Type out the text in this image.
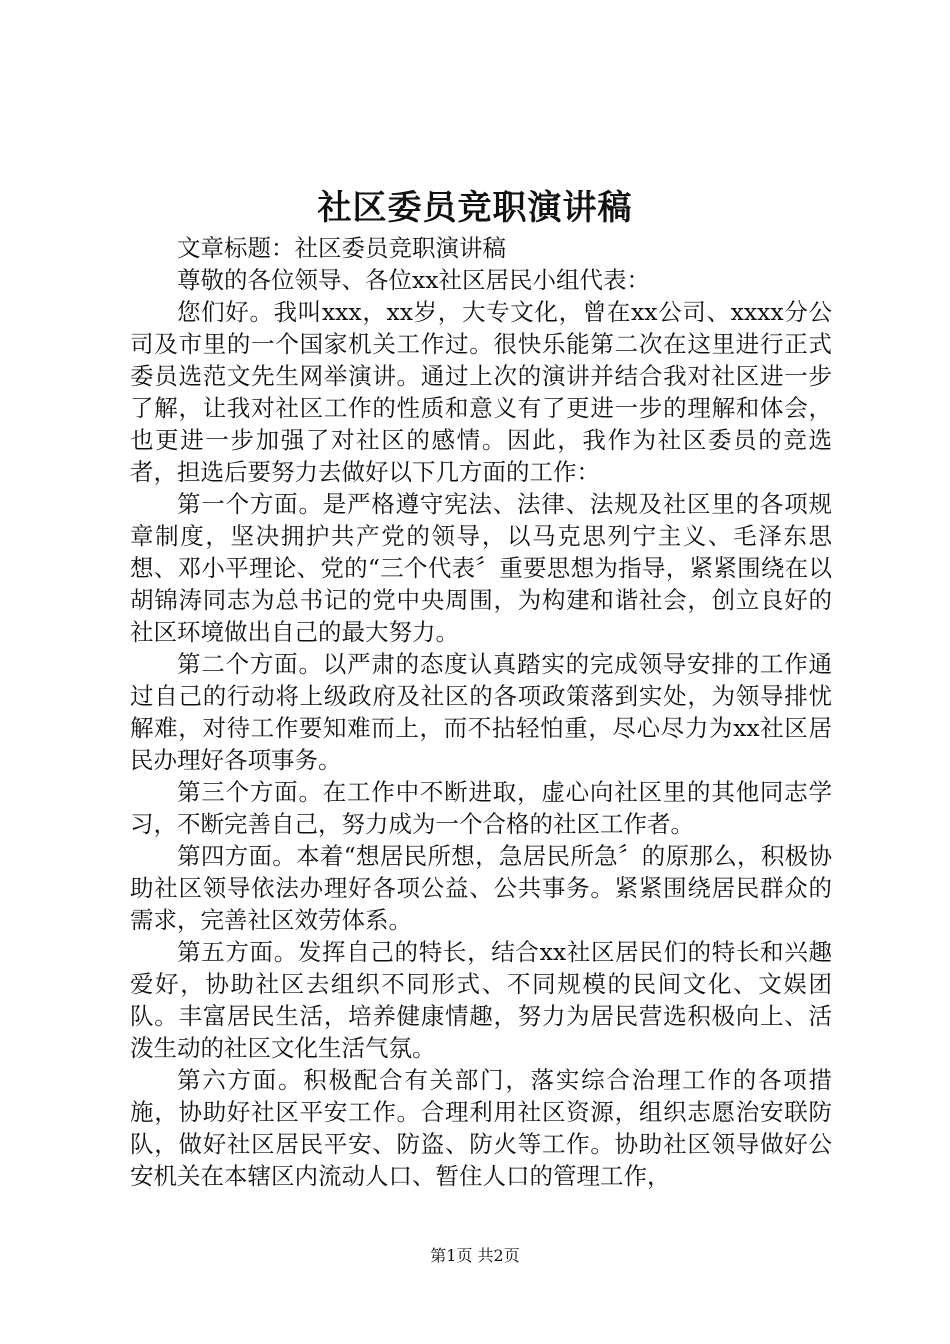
社区委员竞职演讲稿

文章标题：社区委员竞职演讲稿

尊敬的各位领导、各位xx社区居民小组代表：

您们好。我叫xxx，xx岁，大专文化，曾在xx公司、xxxx分公司及市里的一个国家机关工作过。很快乐能第二次在这里进行正式委员选范文先生网举演讲。通过上次的演讲并结合我对社区进一步了解，让我对社区工作的性质和意义有了更进一步的理解和体会，也更进一步加强了对社区的感情。因此，我作为社区委员的竞选者，担选后要努力去做好以下几方面的工作：

第一个方面。是严格遵守宪法、法律、法规及社区里的各项规章制度，坚决拥护共产党的领导，以马克思列宁主义、毛泽东思想、邓小平理论、党的“三个代表〞重要思想为指导，紧紧围绕在以胡锦涛同志为总书记的党中央周围，为构建和谐社会，创立良好的社区环境做出自己的最大努力。

第二个方面。以严肃的态度认真踏实的完成领导安排的工作通过自己的行动将上级政府及社区的各项政策落到实处，为领导排忧解难，对待工作要知难而上，而不拈轻怕重，尽心尽力为xx社区居民办理好各项事务。

第三个方面。在工作中不断进取，虚心向社区里的其他同志学习，不断完善自己，努力成为一个合格的社区工作者。

第四方面。本着“想居民所想，急居民所急〞的原那么，积极协助社区领导依法办理好各项公益、公共事务。紧紧围绕居民群众的需求，完善社区效劳体系。

第五方面。发挥自己的特长，结合xx社区居民们的特长和兴趣爱好，协助社区去组织不同形式、不同规模的民间文化、文娱团队。丰富居民生活，培养健康情趣，努力为居民营选积极向上、活泼生动的社区文化生活气氛。

第六方面。积极配合有关部门，落实综合治理工作的各项措施，协助好社区平安工作。合理利用社区资源，组织志愿治安联防队，做好社区居民平安、防盗、防火等工作。协助社区领导做好公安机关在本辖区内流动人口、暂住人口的管理工作，

第1页 共2页
